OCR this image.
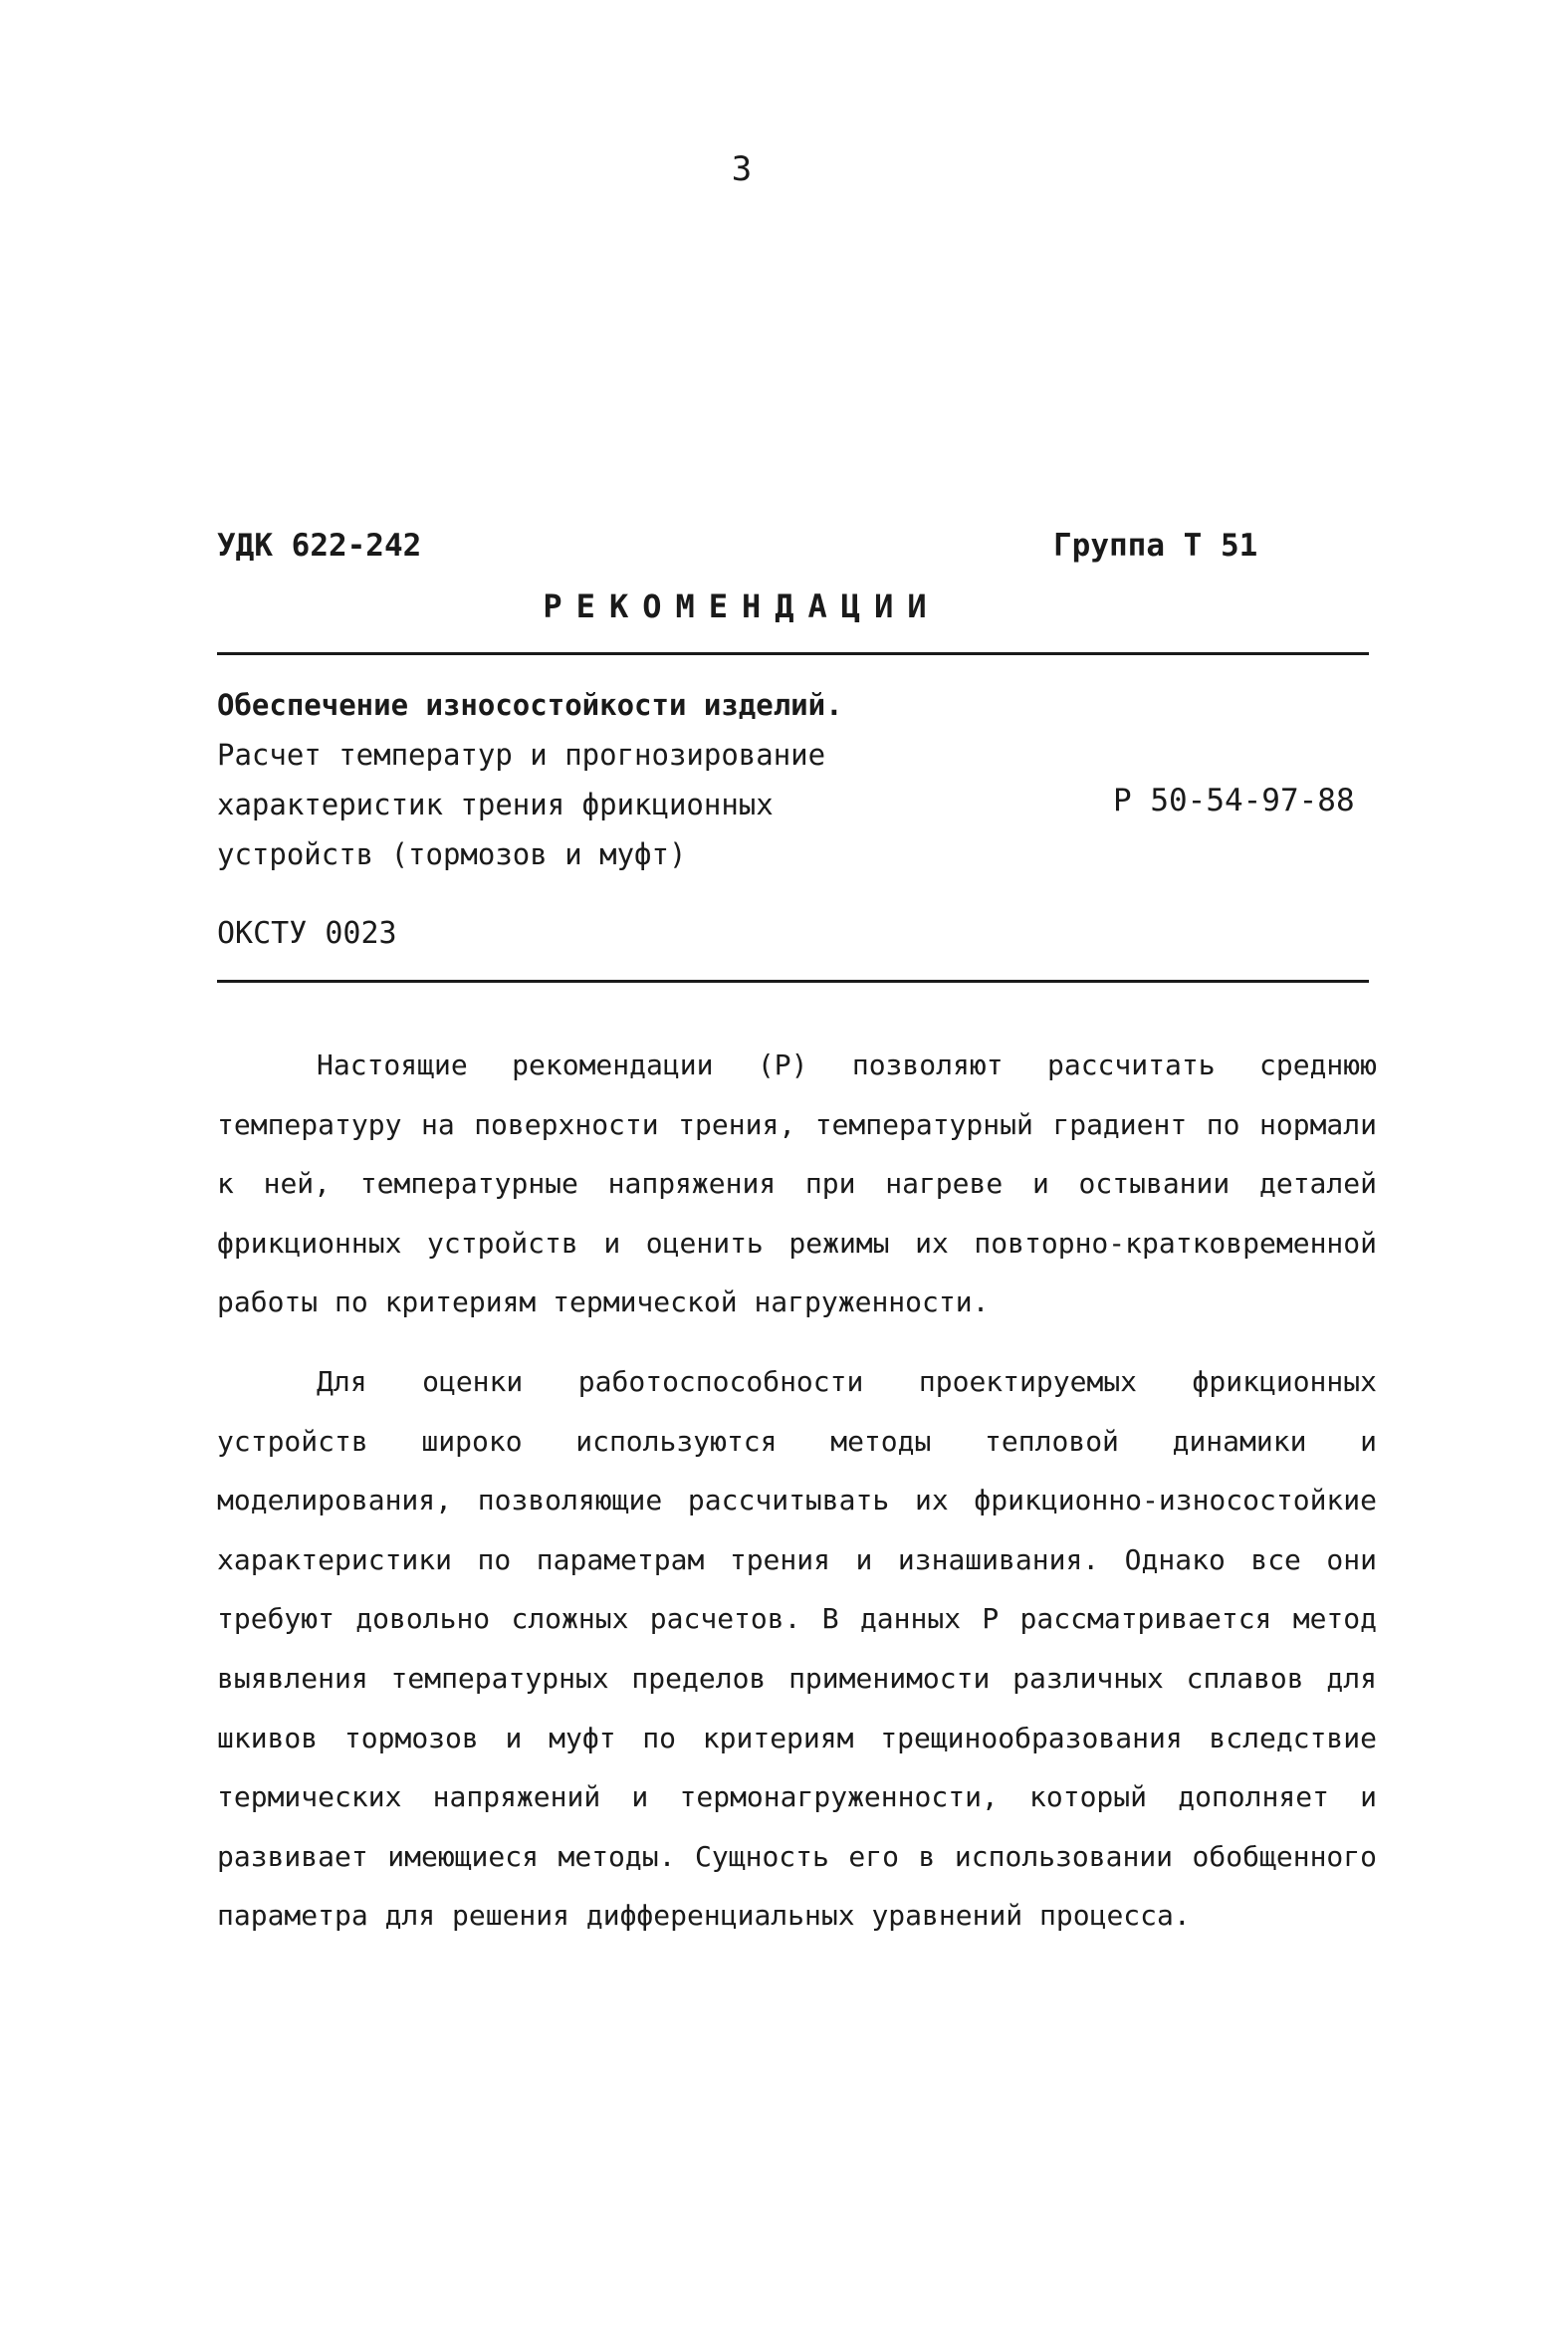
3
УДК 622-242	Группа Т 51
РЕКОМЕНДАЦИИ
Обеспечение износостойкости изделий.
Расчет температур и прогнозирование
характеристик трения фрикционных
устройств (тормозов и муфт)
Р 50-54-97-88
ОКСТУ 0023

Настоящие рекомендации (Р) позволяют рассчитать среднюю температуру на поверхности трения, температурный градиент по нормали к ней, температурные напряжения при нагреве и остывании деталей фрикционных устройств и оценить режимы их повторно-кратковременной работы по критериям термической нагруженности.

Для оценки работоспособности проектируемых фрикционных устройств широко используются методы тепловой динамики и моделирования, позволяющие рассчитывать их фрикционно-износостойкие характеристики по параметрам трения и изнашивания. Однако все они требуют довольно сложных расчетов. В данных Р рассматривается метод выявления температурных пределов применимости различных сплавов для шкивов тормозов и муфт по критериям трещинообразования вследствие термических напряжений и термонагруженности, который дополняет и развивает имеющиеся методы. Сущность его в использовании обобщенного параметра для решения дифференциальных уравнений процесса.
